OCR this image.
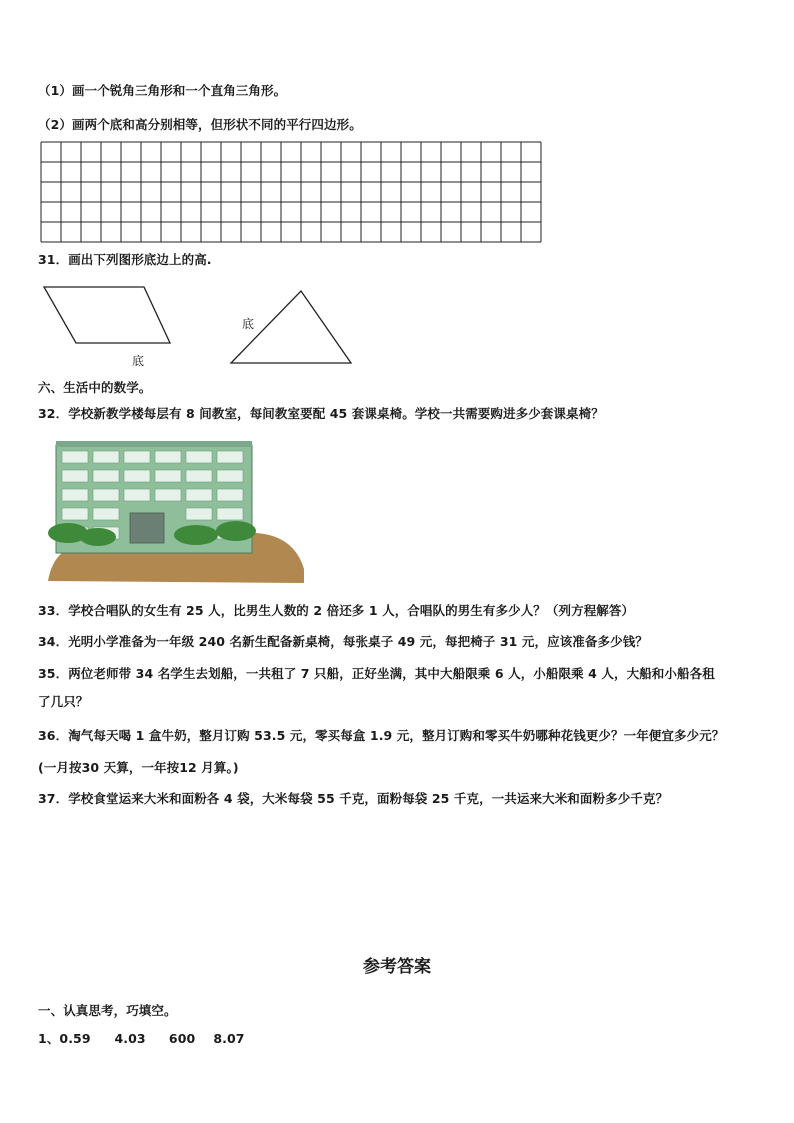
（1）画一个锐角三角形和一个直角三角形。
（2）画两个底和高分别相等，但形状不同的平行四边形。
31．画出下列图形底边上的高.
底
底
六、生活中的数学。
32．学校新教学楼每层有 8 间教室，每间教室要配 45 套课桌椅。学校一共需要购进多少套课桌椅？
33．学校合唱队的女生有 25 人，比男生人数的 2 倍还多 1 人，合唱队的男生有多少人？（列方程解答）
34．光明小学准备为一年级 240 名新生配备新桌椅，每张桌子 49 元，每把椅子 31 元，应该准备多少钱？
35．两位老师带 34 名学生去划船，一共租了 7 只船，正好坐满，其中大船限乘 6 人，小船限乘 4 人，大船和小船各租
了几只？
36．淘气每天喝 1 盒牛奶，整月订购 53.5 元，零买每盒 1.9 元，整月订购和零买牛奶哪种花钱更少？一年便宜多少元？
(一月按30 天算，一年按12 月算。)
37．学校食堂运来大米和面粉各 4 袋，大米每袋 55 千克，面粉每袋 25 千克，一共运来大米和面粉多少千克？
参考答案
一、认真思考，巧填空。
1、0.59 4.03 600 8.07
